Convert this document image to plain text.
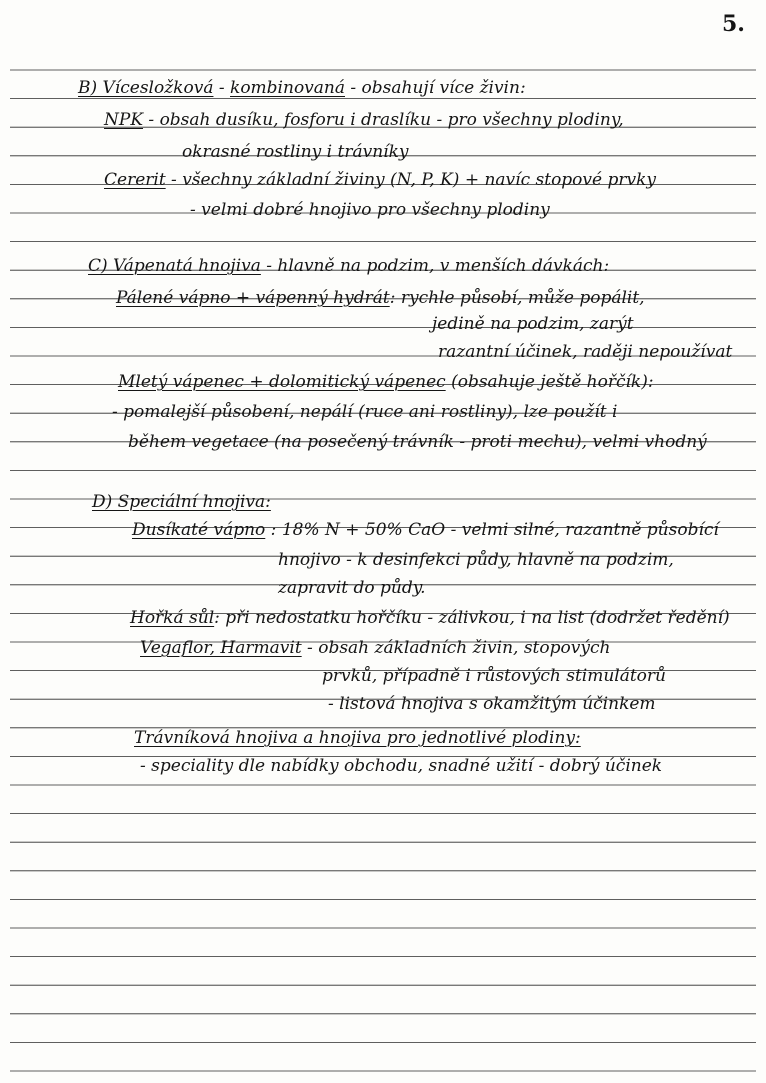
5.
B) Vícesložková - kombinovaná - obsahují více živin:
NPK - obsah dusíku, fosforu i draslíku - pro všechny plodiny,
okrasné rostliny i trávníky
Cererit - všechny základní živiny (N, P, K) + navíc stopové prvky
- velmi dobré hnojivo pro všechny plodiny
C) Vápenatá hnojiva - hlavně na podzim, v menších dávkách:
Pálené vápno + vápenný hydrát: rychle působí, může popálit,
jedině na podzim, zarýt
razantní účinek, raději nepoužívat
Mletý vápenec + dolomitický vápenec (obsahuje ještě hořčík):
- pomalejší působení, nepálí (ruce ani rostliny), lze použít i
během vegetace (na posečený trávník - proti mechu), velmi vhodný
D) Speciální hnojiva:
Dusíkaté vápno : 18% N + 50% CaO - velmi silné, razantně působící
hnojivo - k desinfekci půdy, hlavně na podzim,
zapravit do půdy.
Hořká sůl: při nedostatku hořčíku - zálivkou, i na list (dodržet ředění)
Vegaflor, Harmavit - obsah základních živin, stopových
prvků, případně i růstových stimulátorů
- listová hnojiva s okamžitým účinkem
Trávníková hnojiva a hnojiva pro jednotlivé plodiny:
- speciality dle nabídky obchodu, snadné užití - dobrý účinek
